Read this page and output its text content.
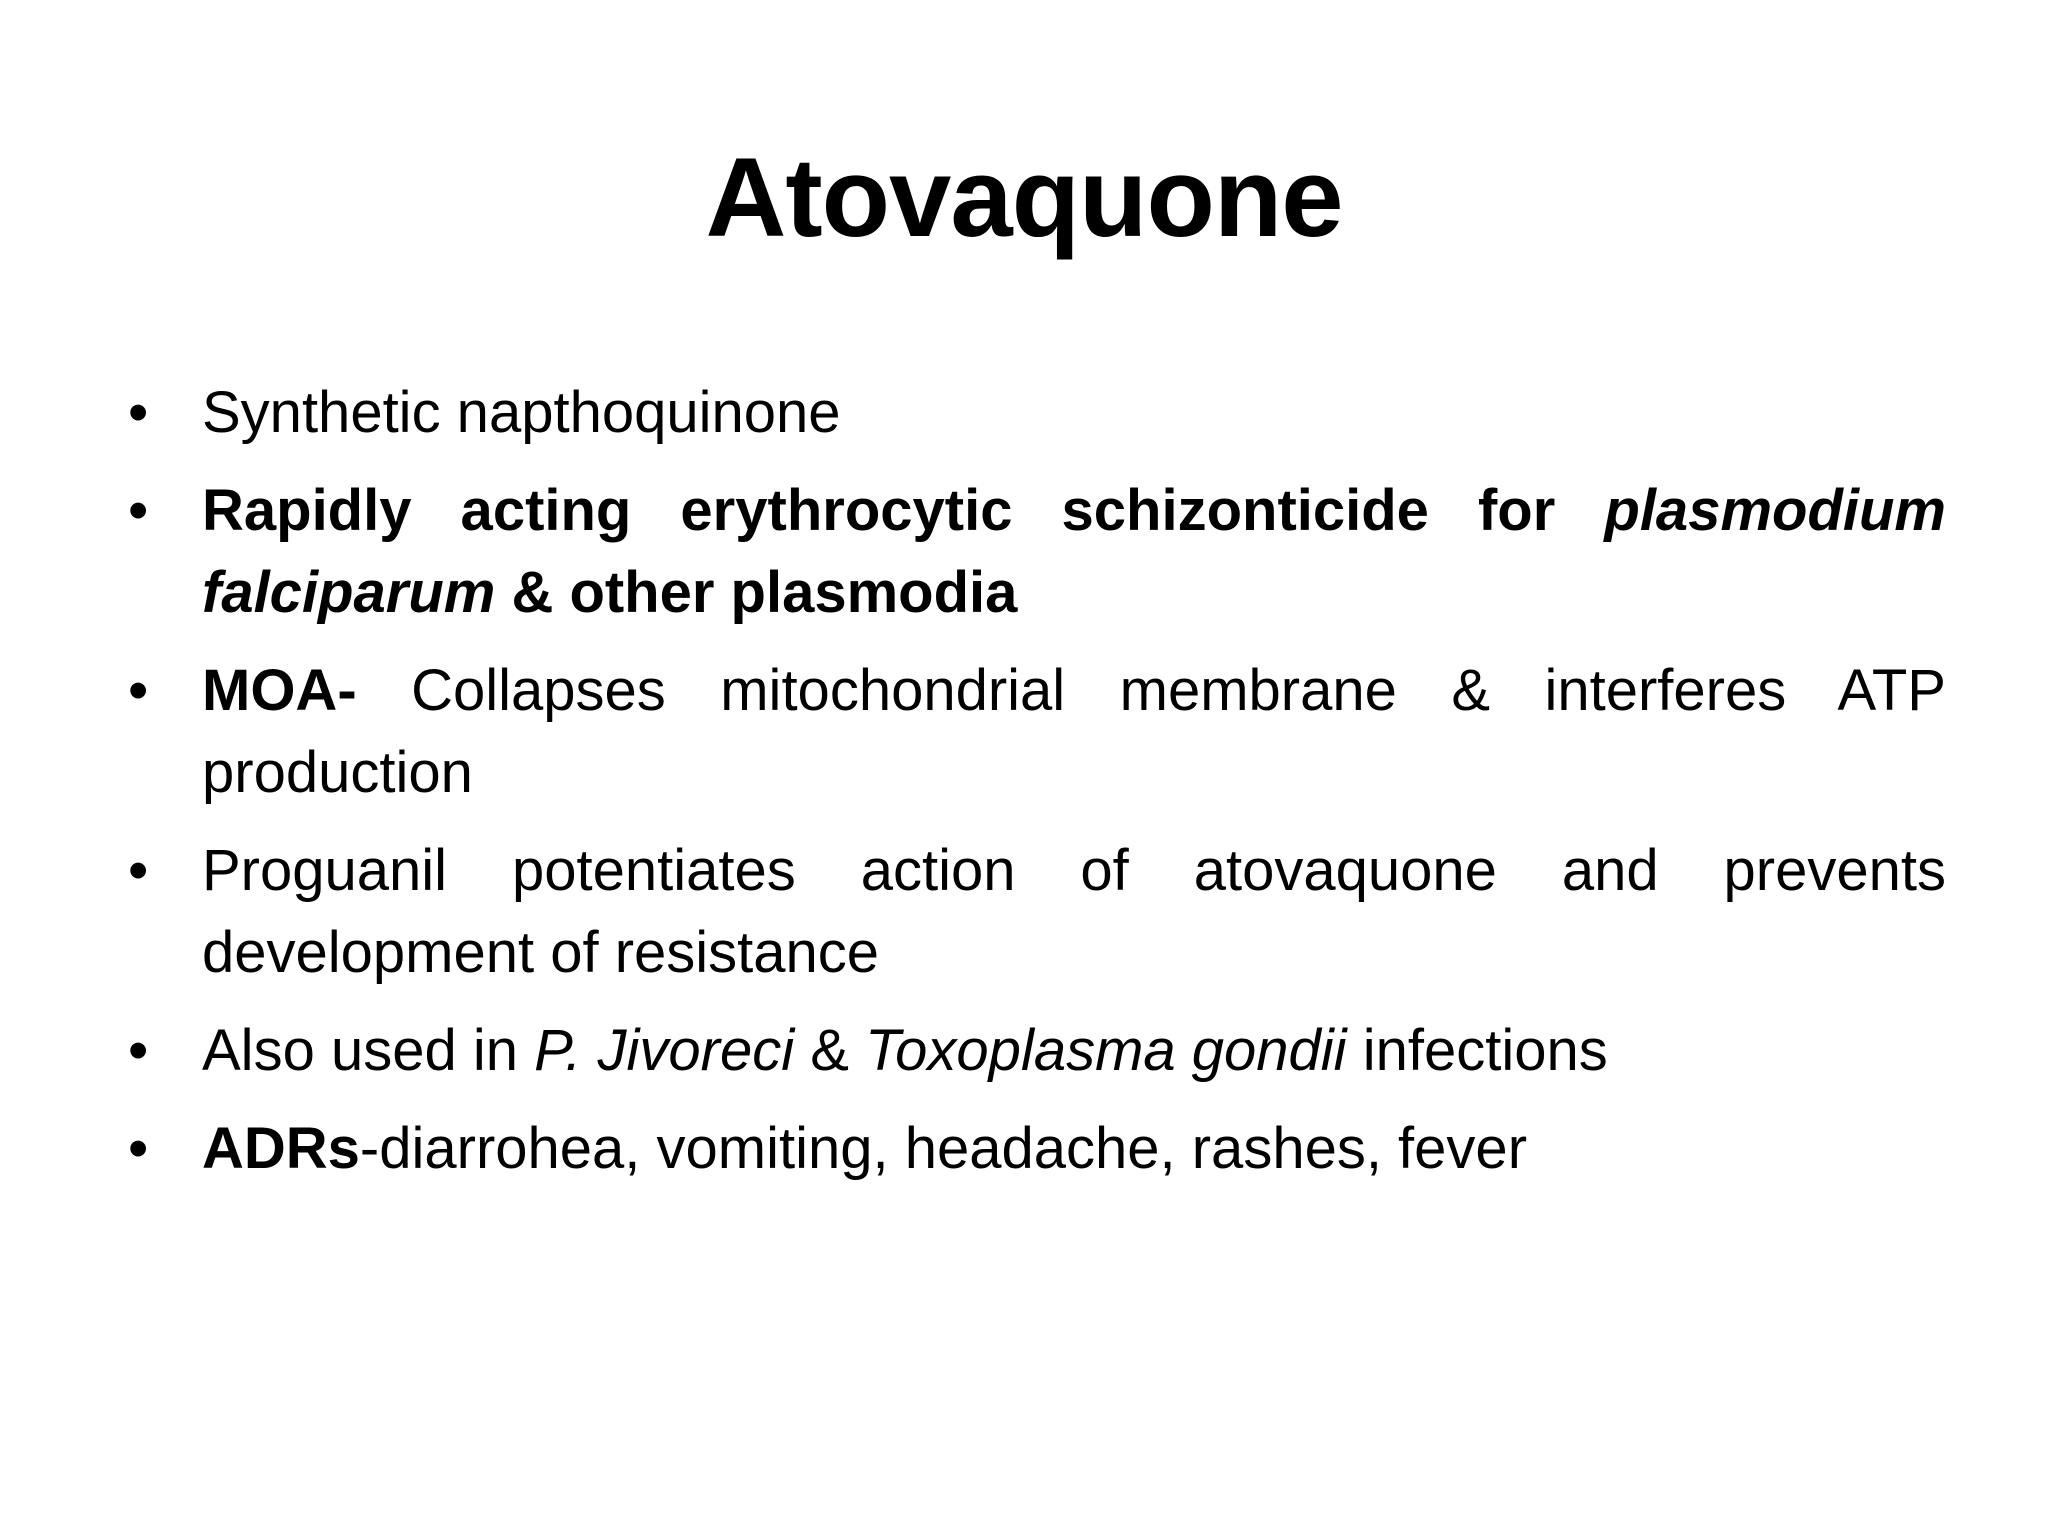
Atovaquone
• Synthetic napthoquinone
• Rapidly acting erythrocytic schizonticide for plasmodium falciparum & other plasmodia
• MOA- Collapses mitochondrial membrane & interferes ATP production
• Proguanil potentiates action of atovaquone and prevents development of resistance
• Also used in P. Jivoreci & Toxoplasma gondii infections
• ADRs-diarrohea, vomiting, headache, rashes, fever
